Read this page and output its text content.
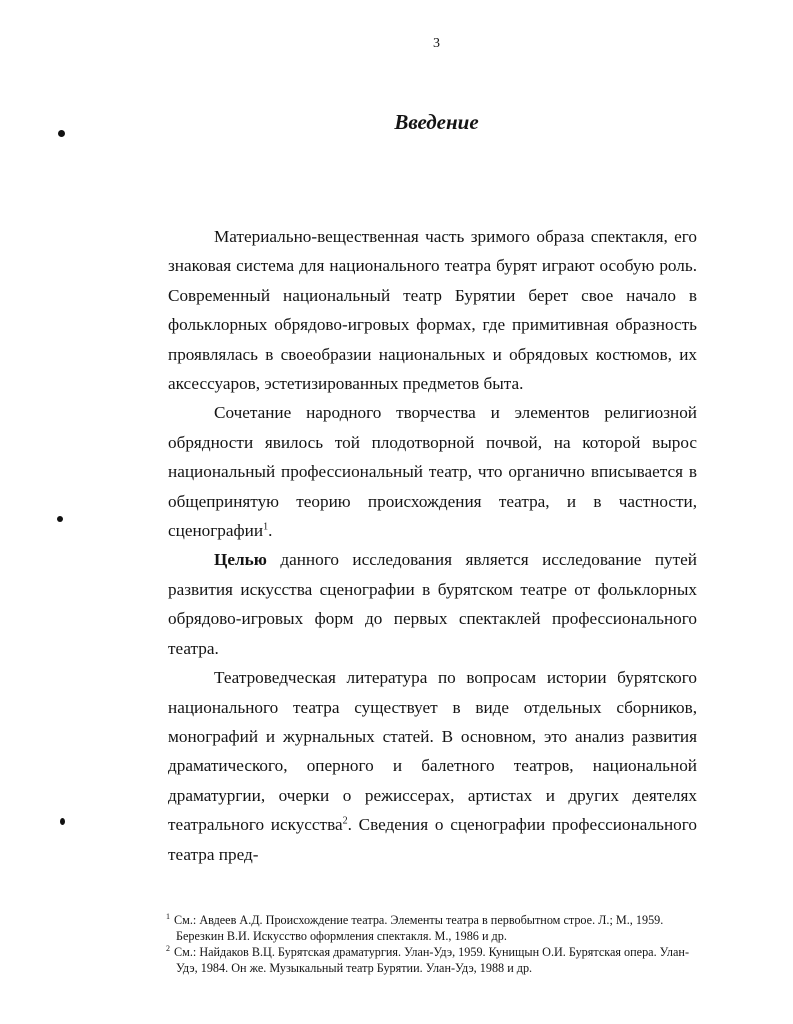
3
Введение

Материально-вещественная часть зримого образа спектакля, его знаковая система для национального театра бурят играют особую роль. Современный национальный театр Бурятии берет свое начало в фольклорных обрядово-игровых формах, где примитивная образность проявлялась в своеобразии национальных и обрядовых костюмов, их аксессуаров, эстетизированных предметов быта.

Сочетание народного творчества и элементов религиозной обрядности явилось той плодотворной почвой, на которой вырос национальный профессиональный театр, что органично вписывается в общепринятую теорию происхождения театра, и в частности, сценографии$^1$.

Целью данного исследования является исследование путей развития искусства сценографии в бурятском театре от фольклорных обрядово-игровых форм до первых спектаклей профессионального театра.

Театроведческая литература по вопросам истории бурятского национального театра существует в виде отдельных сборников, монографий и журнальных статей. В основном, это анализ развития драматического, оперного и балетного театров, национальной драматургии, очерки о режиссерах, артистах и других деятелях театрального искусства$^2$. Сведения о сценографии профессионального театра пред-

$^1$ См.: Авдеев А.Д. Происхождение театра. Элементы театра в первобытном строе. Л.; М., 1959. Березкин В.И. Искусство оформления спектакля. М., 1986 и др.

$^2$ См.: Найдаков В.Ц. Бурятская драматургия. Улан-Удэ, 1959. Кунищын О.И. Бурятская опера. Улан-Удэ, 1984. Он же. Музыкальный театр Бурятии. Улан-Удэ, 1988 и др.
